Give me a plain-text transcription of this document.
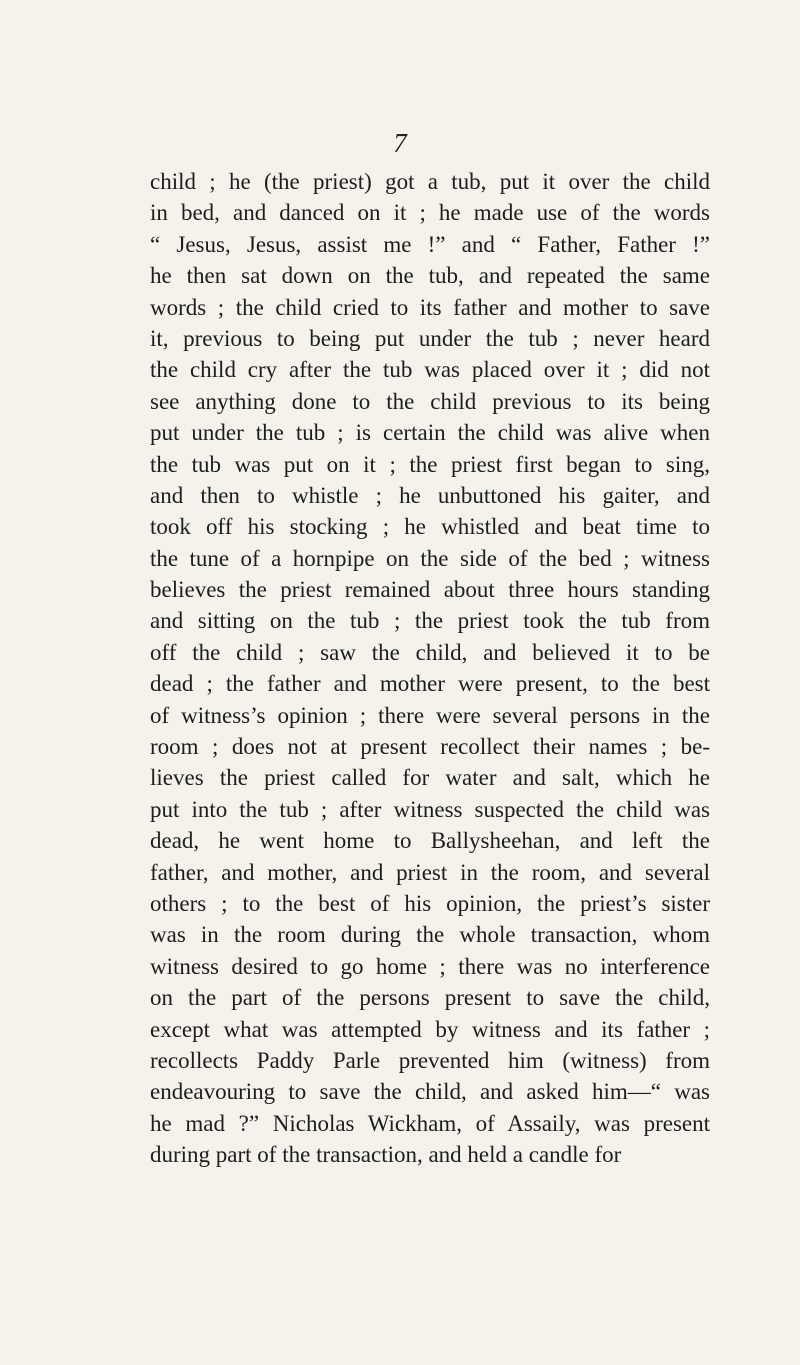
7
child ; he (the priest) got a tub, put it over the child
in bed, and danced on it ; he made use of the words
“ Jesus, Jesus, assist me !” and “ Father, Father !”
he then sat down on the tub, and repeated the same
words ; the child cried to its father and mother to save
it, previous to being put under the tub ; never heard
the child cry after the tub was placed over it ; did not
see anything done to the child previous to its being
put under the tub ; is certain the child was alive when
the tub was put on it ; the priest first began to sing,
and then to whistle ; he unbuttoned his gaiter, and
took off his stocking ; he whistled and beat time to
the tune of a hornpipe on the side of the bed ; witness
believes the priest remained about three hours standing
and sitting on the tub ; the priest took the tub from
off the child ; saw the child, and believed it to be
dead ; the father and mother were present, to the best
of witness’s opinion ; there were several persons in the
room ; does not at present recollect their names ; be-
lieves the priest called for water and salt, which he
put into the tub ; after witness suspected the child was
dead, he went home to Ballysheehan, and left the
father, and mother, and priest in the room, and several
others ; to the best of his opinion, the priest’s sister
was in the room during the whole transaction, whom
witness desired to go home ; there was no interference
on the part of the persons present to save the child,
except what was attempted by witness and its father ;
recollects Paddy Parle prevented him (witness) from
endeavouring to save the child, and asked him—“ was
he mad ?” Nicholas Wickham, of Assaily, was present
during part of the transaction, and held a candle for
